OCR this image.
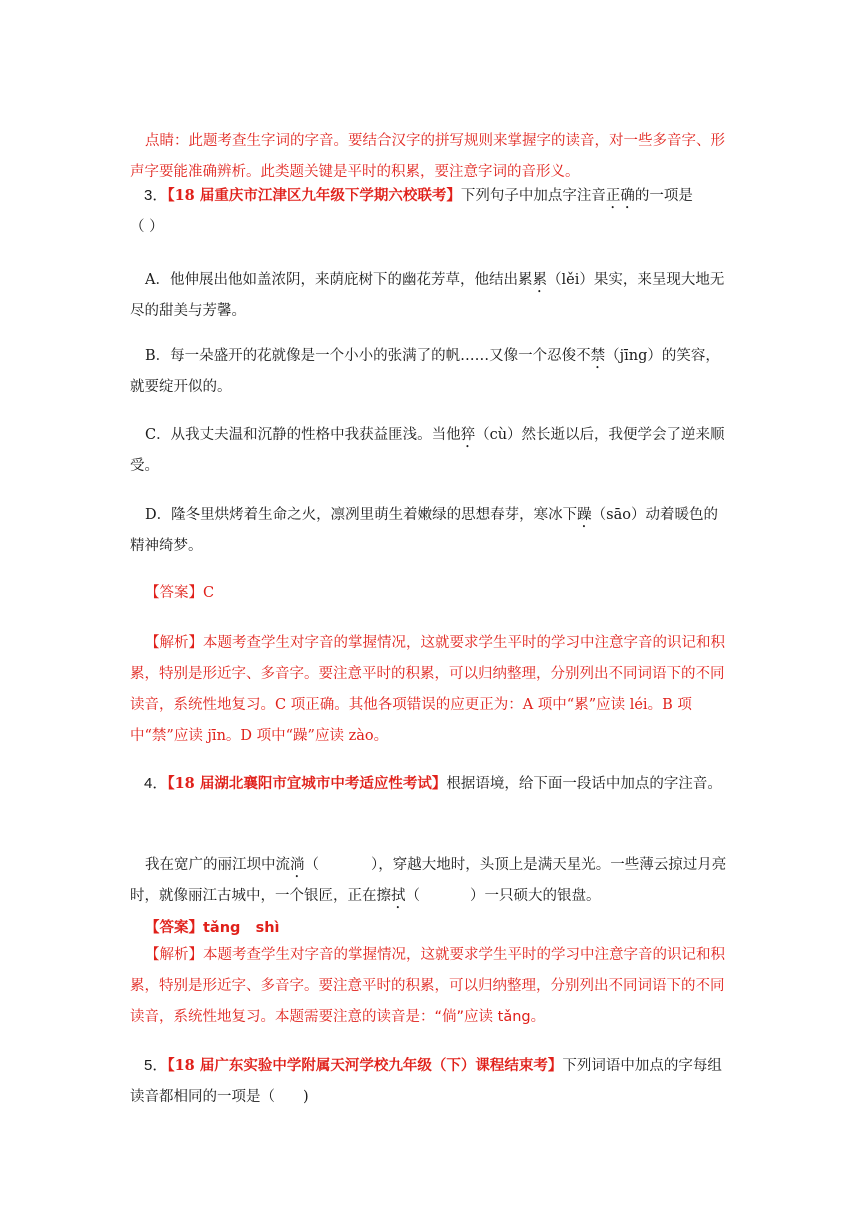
点睛：此题考查生字词的字音。要结合汉字的拼写规则来掌握字的读音，对一些多音字、形声字要能准确辨析。此类题关键是平时的积累，要注意字词的音形义。
3．【18 届重庆市江津区九年级下学期六校联考】下列句子中加点字注音正确的一项是
（ ）
A．他伸展出他如盖浓阴，来荫庇树下的幽花芳草，他结出累累（lěi）果实，来呈现大地无尽的甜美与芳馨。
B．每一朵盛开的花就像是一个小小的张满了的帆……又像一个忍俊不禁（jīng）的笑容，就要绽开似的。
C．从我丈夫温和沉静的性格中我获益匪浅。当他猝（cù）然长逝以后，我便学会了逆来顺受。
D．隆冬里烘烤着生命之火，凛冽里萌生着嫩绿的思想春芽，寒冰下躁（sāo）动着暖色的精神绮梦。
【答案】C
【解析】本题考查学生对字音的掌握情况，这就要求学生平时的学习中注意字音的识记和积累，特别是形近字、多音字。要注意平时的积累，可以归纳整理，分别列出不同词语下的不同读音，系统性地复习。C 项正确。其他各项错误的应更正为：A 项中“累”应读 léi。B 项中“禁”应读 jīn。D 项中“躁”应读 zào。
4．【18 届湖北襄阳市宜城市中考适应性考试】根据语境，给下面一段话中加点的字注音。
我在宽广的丽江坝中流淌（	），穿越大地时，头顶上是满天星光。一些薄云掠过月亮时，就像丽江古城中，一个银匠，正在擦拭（	）一只硕大的银盘。
【答案】tǎng   shì
【解析】本题考查学生对字音的掌握情况，这就要求学生平时的学习中注意字音的识记和积累，特别是形近字、多音字。要注意平时的积累，可以归纳整理，分别列出不同词语下的不同读音，系统性地复习。本题需要注意的读音是：“倘”应读 tǎng。
5．【18 届广东实验中学附属天河学校九年级（下）课程结束考】下列词语中加点的字每组读音都相同的一项是（ )
